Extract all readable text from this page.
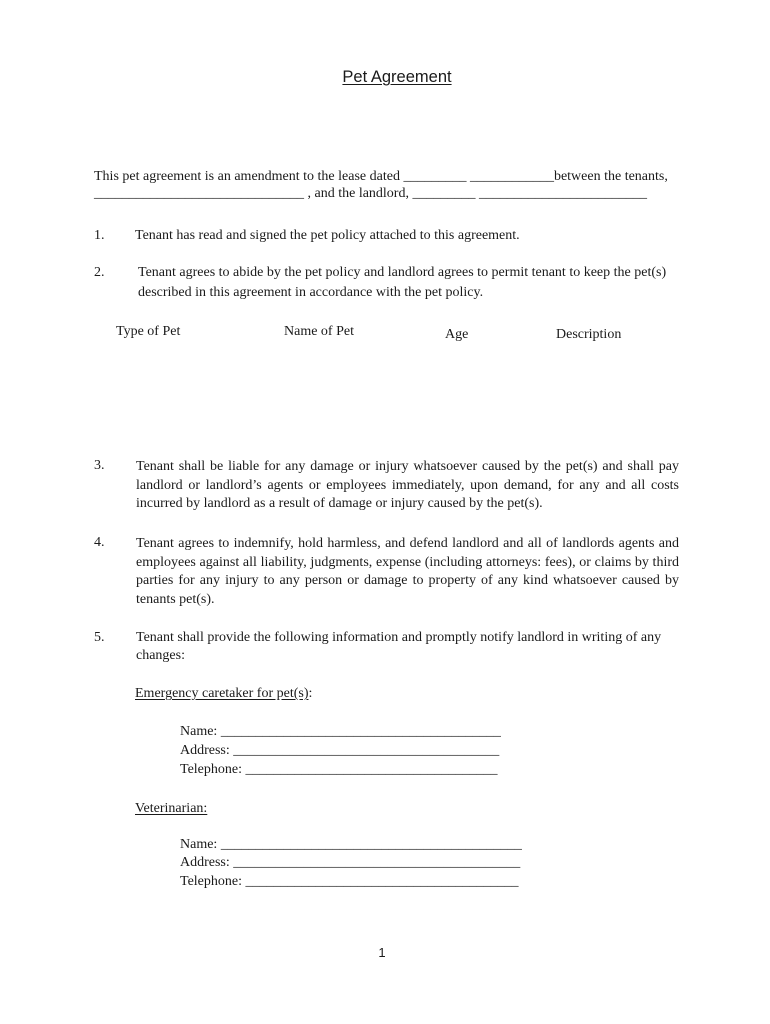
Pet Agreement
This pet agreement is an amendment to the lease dated _________ ____________between the tenants,
______________________________ , and the landlord, _________ ________________________
1. Tenant has read and signed the pet policy attached to this agreement.
2. Tenant agrees to abide by the pet policy and landlord agrees to permit tenant to keep the pet(s)
described in this agreement in accordance with the pet policy.
Type of Pet	Name of Pet	Age	Description
3. Tenant shall be liable for any damage or injury whatsoever caused by the pet(s) and shall pay landlord or landlord’s agents or employees immediately, upon demand, for any and all costs incurred by landlord as a result of damage or injury caused by the pet(s).
4. Tenant agrees to indemnify, hold harmless, and defend landlord and all of landlords agents and employees against all liability, judgments, expense (including attorneys: fees), or claims by third parties for any injury to any person or damage to property of any kind whatsoever caused by tenants pet(s).
5. Tenant shall provide the following information and promptly notify landlord in writing of any
changes:
Emergency caretaker for pet(s):
Name: ________________________________________
Address: ______________________________________
Telephone: ____________________________________
Veterinarian:
Name: ___________________________________________
Address: _________________________________________
Telephone: _______________________________________
1
